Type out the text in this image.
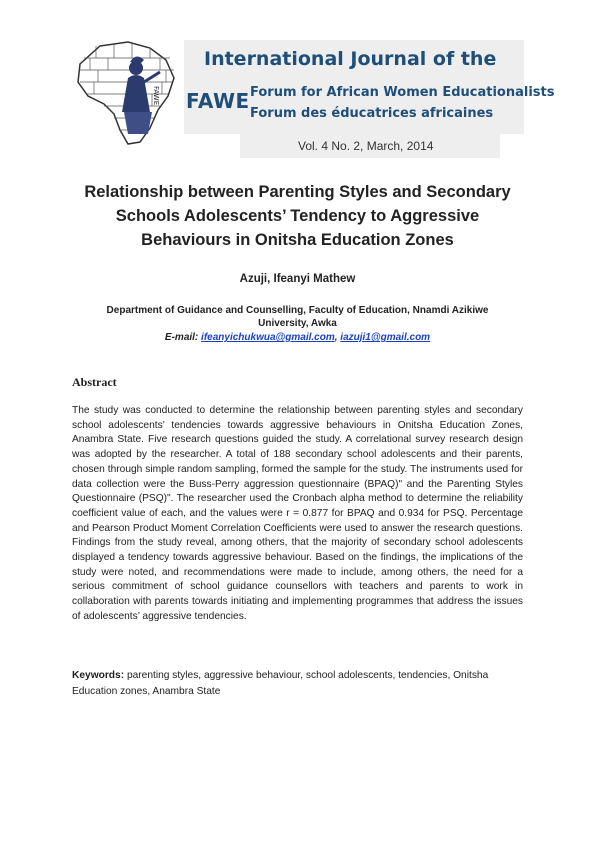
FAWE
International Journal of the
FAWE Forum for African Women Educationalists
Forum des éducatrices africaines
Vol. 4 No. 2, March, 2014
Relationship between Parenting Styles and Secondary
Schools Adolescents’ Tendency to Aggressive
Behaviours in Onitsha Education Zones
Azuji, Ifeanyi Mathew
Department of Guidance and Counselling, Faculty of Education, Nnamdi Azikiwe
University, Awka
E-mail: ifeanyichukwua@gmail.com, iazuji1@gmail.com
Abstract
The study was conducted to determine the relationship between parenting styles and secondary school adolescents’ tendencies towards aggressive behaviours in Onitsha Education Zones, Anambra State. Five research questions guided the study. A correlational survey research design was adopted by the researcher. A total of 188 secondary school adolescents and their parents, chosen through simple random sampling, formed the sample for the study. The instruments used for data collection were the Buss-Perry aggression questionnaire (BPAQ)" and the Parenting Styles Questionnaire (PSQ)". The researcher used the Cronbach alpha method to determine the reliability coefficient value of each, and the values were r = 0.877 for BPAQ and 0.934 for PSQ. Percentage and Pearson Product Moment Correlation Coefficients were used to answer the research questions. Findings from the study reveal, among others, that the majority of secondary school adolescents displayed a tendency towards aggressive behaviour. Based on the findings, the implications of the study were noted, and recommendations were made to include, among others, the need for a serious commitment of school guidance counsellors with teachers and parents to work in collaboration with parents towards initiating and implementing programmes that address the issues of adolescents’ aggressive tendencies.
Keywords: parenting styles, aggressive behaviour, school adolescents, tendencies, Onitsha Education zones, Anambra State
